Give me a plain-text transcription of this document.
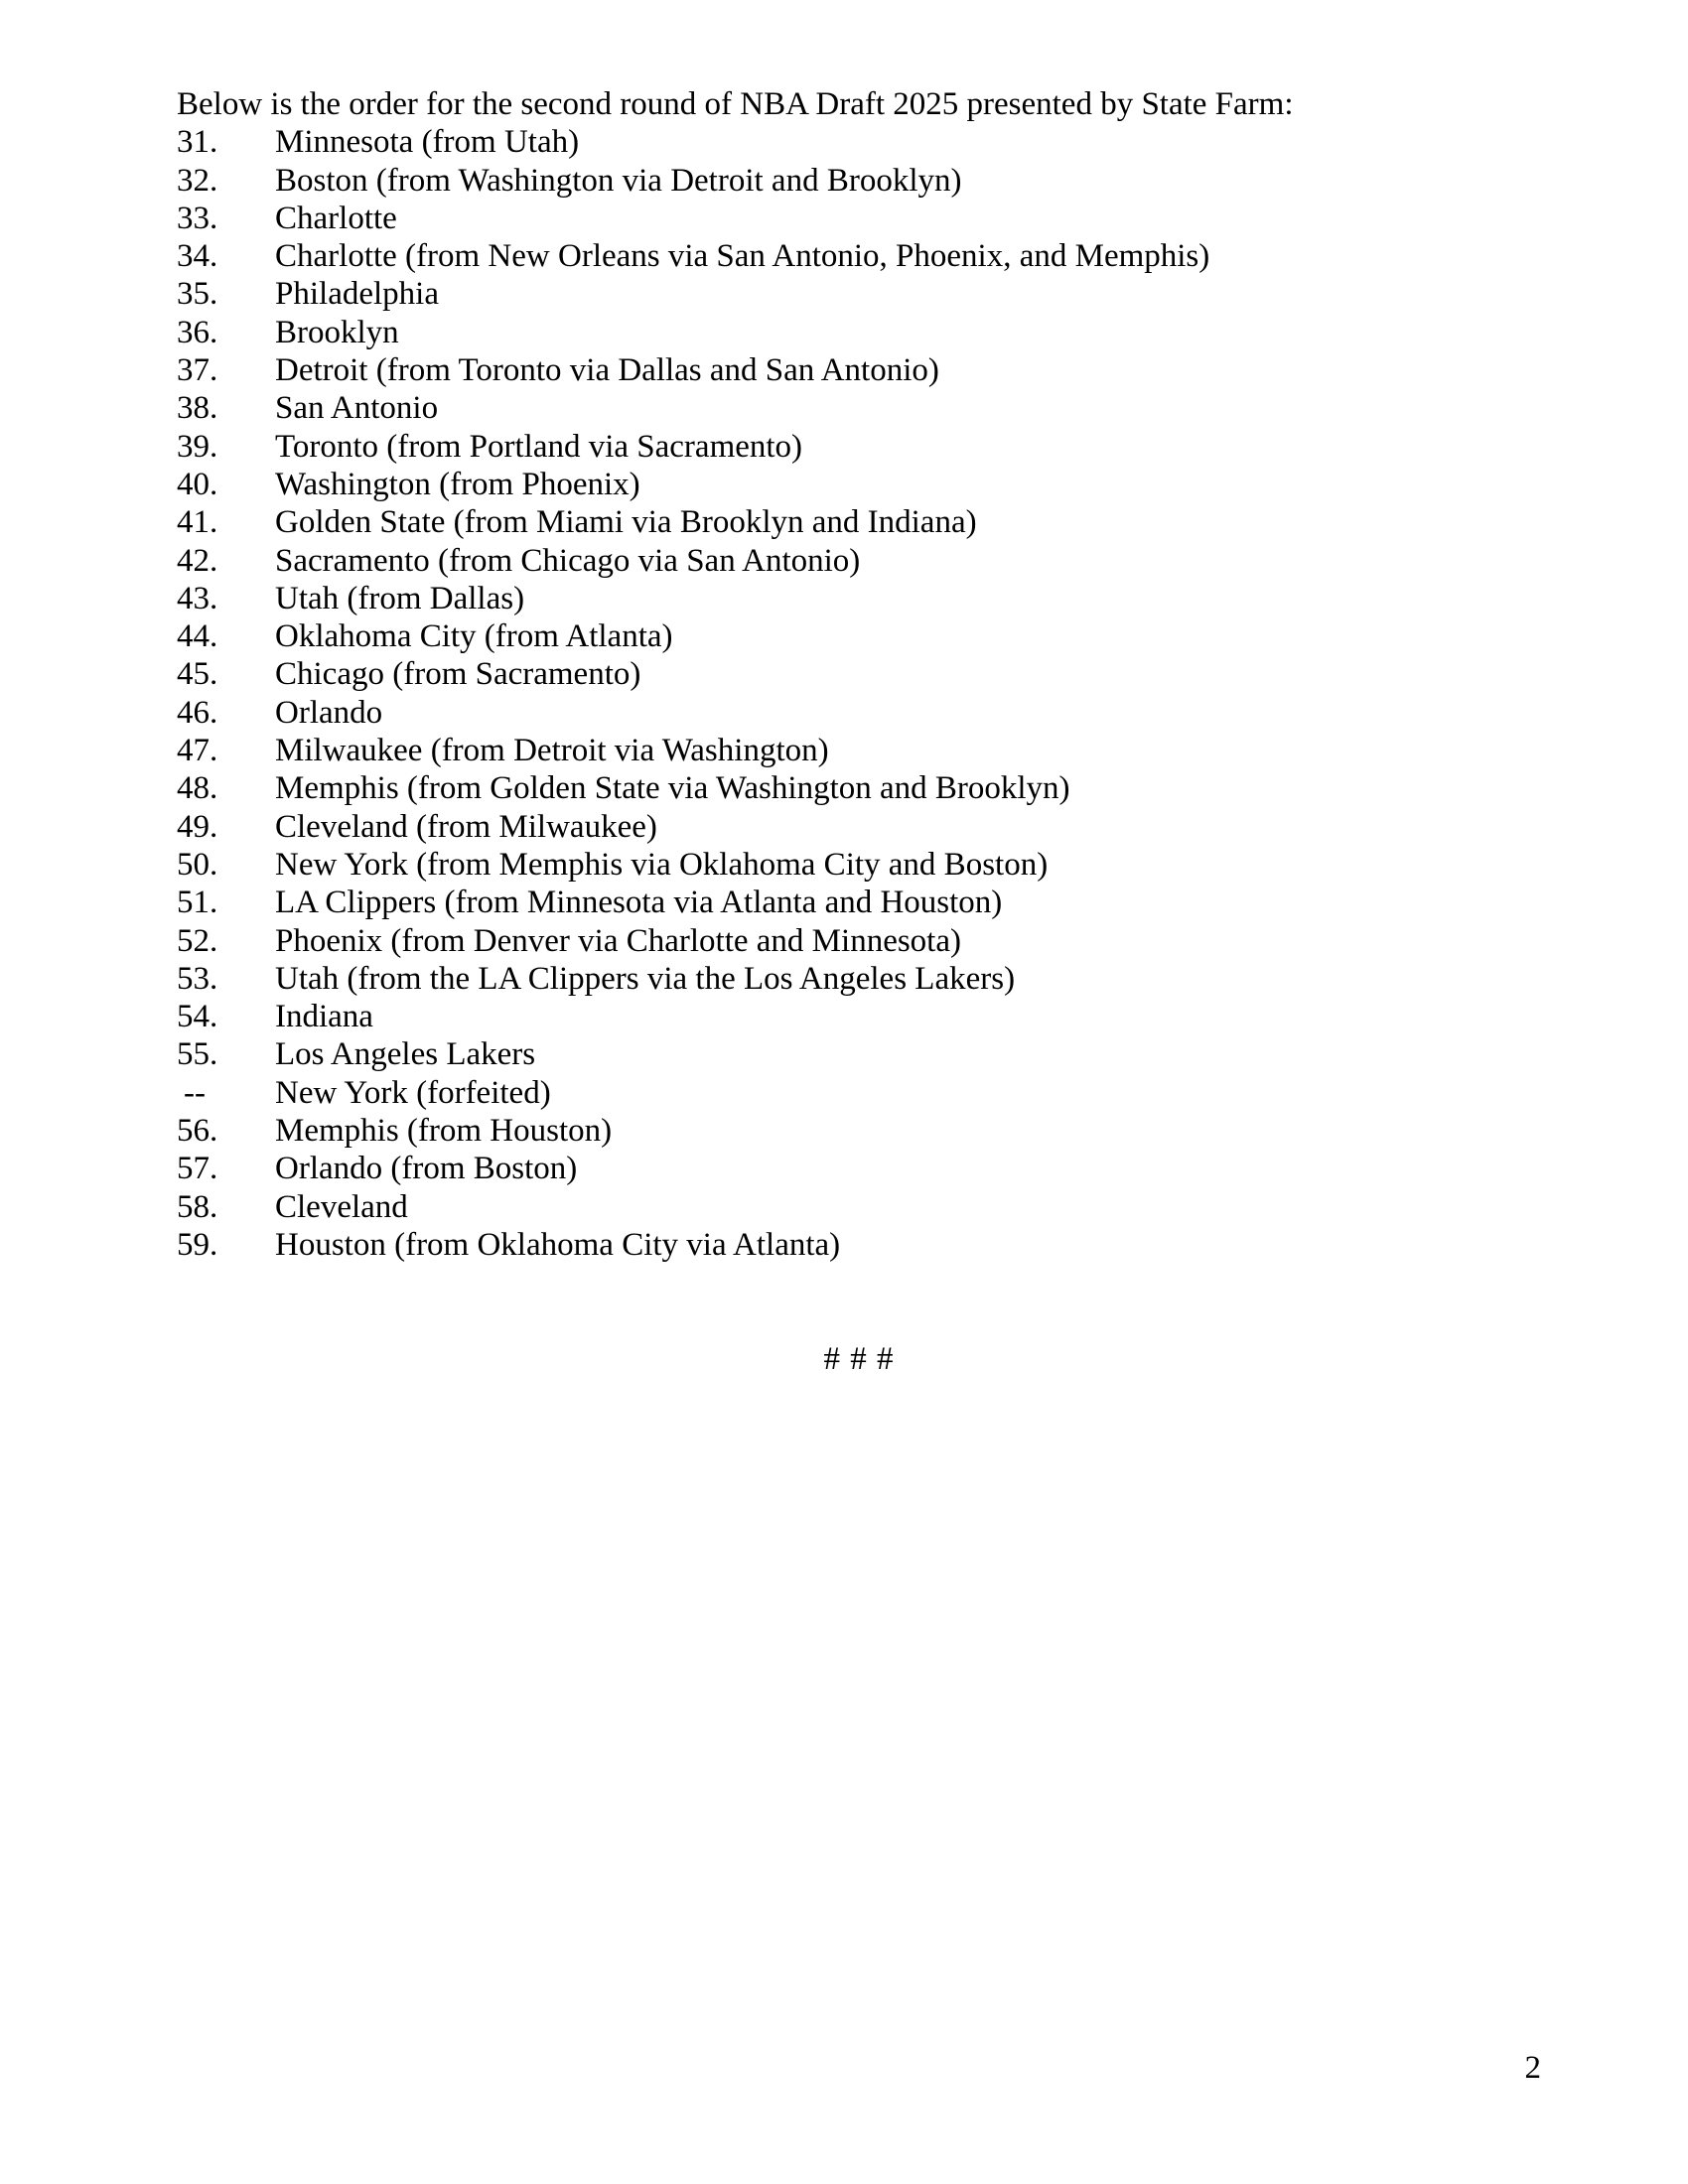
Below is the order for the second round of NBA Draft 2025 presented by State Farm:

31.	Minnesota (from Utah)
32.	Boston (from Washington via Detroit and Brooklyn)
33.	Charlotte
34.	Charlotte (from New Orleans via San Antonio, Phoenix, and Memphis)
35.	Philadelphia
36.	Brooklyn
37.	Detroit (from Toronto via Dallas and San Antonio)
38.	San Antonio
39.	Toronto (from Portland via Sacramento)
40.	Washington (from Phoenix)
41.	Golden State (from Miami via Brooklyn and Indiana)
42.	Sacramento (from Chicago via San Antonio)
43.	Utah (from Dallas)
44.	Oklahoma City (from Atlanta)
45.	Chicago (from Sacramento)
46.	Orlando
47.	Milwaukee (from Detroit via Washington)
48.	Memphis (from Golden State via Washington and Brooklyn)
49.	Cleveland (from Milwaukee)
50.	New York (from Memphis via Oklahoma City and Boston)
51.	LA Clippers (from Minnesota via Atlanta and Houston)
52.	Phoenix (from Denver via Charlotte and Minnesota)
53.	Utah (from the LA Clippers via the Los Angeles Lakers)
54.	Indiana
55.	Los Angeles Lakers
--	New York (forfeited)
56.	Memphis (from Houston)
57.	Orlando (from Boston)
58.	Cleveland
59.	Houston (from Oklahoma City via Atlanta)
# # #
2
